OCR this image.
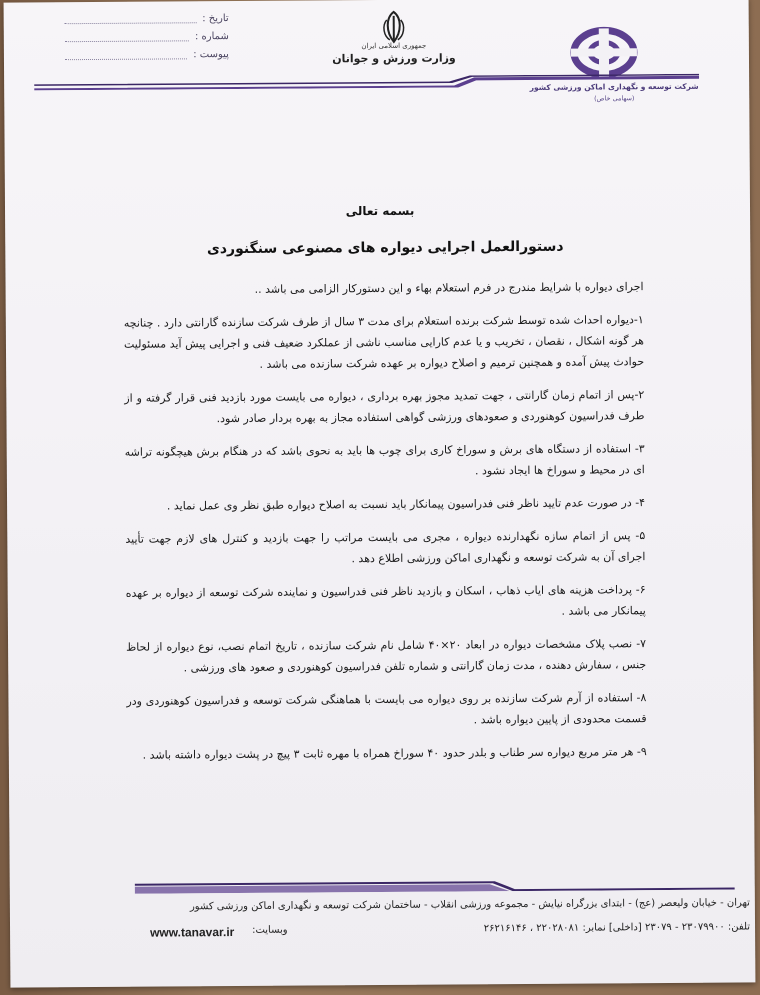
تاریخ :
شماره :
پیوست :
جمهوری اسلامی ایران
وزارت ورزش و جوانان
شرکت توسعه و نگهداری اماکن ورزشی کشور
(سهامی خاص)
بسمه تعالی
دستورالعمل اجرایی دیواره های مصنوعی سنگنوردی

اجرای دیواره با شرایط مندرج در فرم استعلام بهاء و این دستورکار الزامی می باشد ..

۱-دیواره احداث شده توسط شرکت برنده استعلام برای مدت ۳ سال از طرف شرکت سازنده گارانتی دارد . چنانچه هر گونه اشکال ، نقصان ، تخریب و یا عدم کارایی مناسب ناشی از عملکرد ضعیف فنی و اجرایی پیش آید مسئولیت حوادث پیش آمده و همچنین ترمیم و اصلاح دیواره بر عهده شرکت سازنده می باشد .

۲-پس از اتمام زمان گارانتی ، جهت تمدید مجوز بهره برداری ، دیواره می بایست مورد بازدید فنی قرار گرفته و از طرف فدراسیون کوهنوردی و صعودهای ورزشی گواهی استفاده مجاز به بهره بردار صادر شود.

۳- استفاده از دستگاه های برش و سوراخ کاری برای چوب ها باید به نحوی باشد که در هنگام برش هیچگونه تراشه ای در محیط و سوراخ ها ایجاد نشود .

۴- در صورت عدم تایید ناظر فنی فدراسیون پیمانکار باید نسبت به اصلاح دیواره طبق نظر وی عمل نماید .

۵- پس از اتمام سازه نگهدارنده دیواره ، مجری می بایست مراتب را جهت بازدید و کنترل های لازم جهت تأیید اجرای آن به شرکت توسعه و نگهداری اماکن ورزشی اطلاع دهد .

۶- پرداخت هزینه های ایاب ذهاب ، اسکان و بازدید ناظر فنی فدراسیون و نماینده شرکت توسعه از دیواره بر عهده پیمانکار می باشد .

۷- نصب پلاک مشخصات دیواره در ابعاد ۲۰×۴۰ شامل نام شرکت سازنده ، تاریخ اتمام نصب، نوع دیواره از لحاظ جنس ، سفارش دهنده ، مدت زمان گارانتی و شماره تلفن فدراسیون کوهنوردی و صعود های ورزشی .

۸- استفاده از آرم شرکت سازنده بر روی دیواره می بایست با هماهنگی شرکت توسعه و فدراسیون کوهنوردی ودر قسمت محدودی از پایین دیواره باشد .

۹- هر متر مربع دیواره سر طناب و بلدر حدود ۴۰ سوراخ همراه با مهره ثابت ۳ پیچ در پشت دیواره داشته باشد .

تهران - خیابان ولیعصر (عج) - ابتدای بزرگراه نیایش - مجموعه ورزشی انقلاب - ساختمان شرکت توسعه و نگهداری اماکن ورزشی کشور
تلفن: ۲۳۰۷۹۹۰۰ - ۲۳۰۷۹ [داخلی] نمابر: ۲۲۰۲۸۰۸۱ ، ۲۶۲۱۶۱۴۶
وبسایت:
www.tanavar.ir
